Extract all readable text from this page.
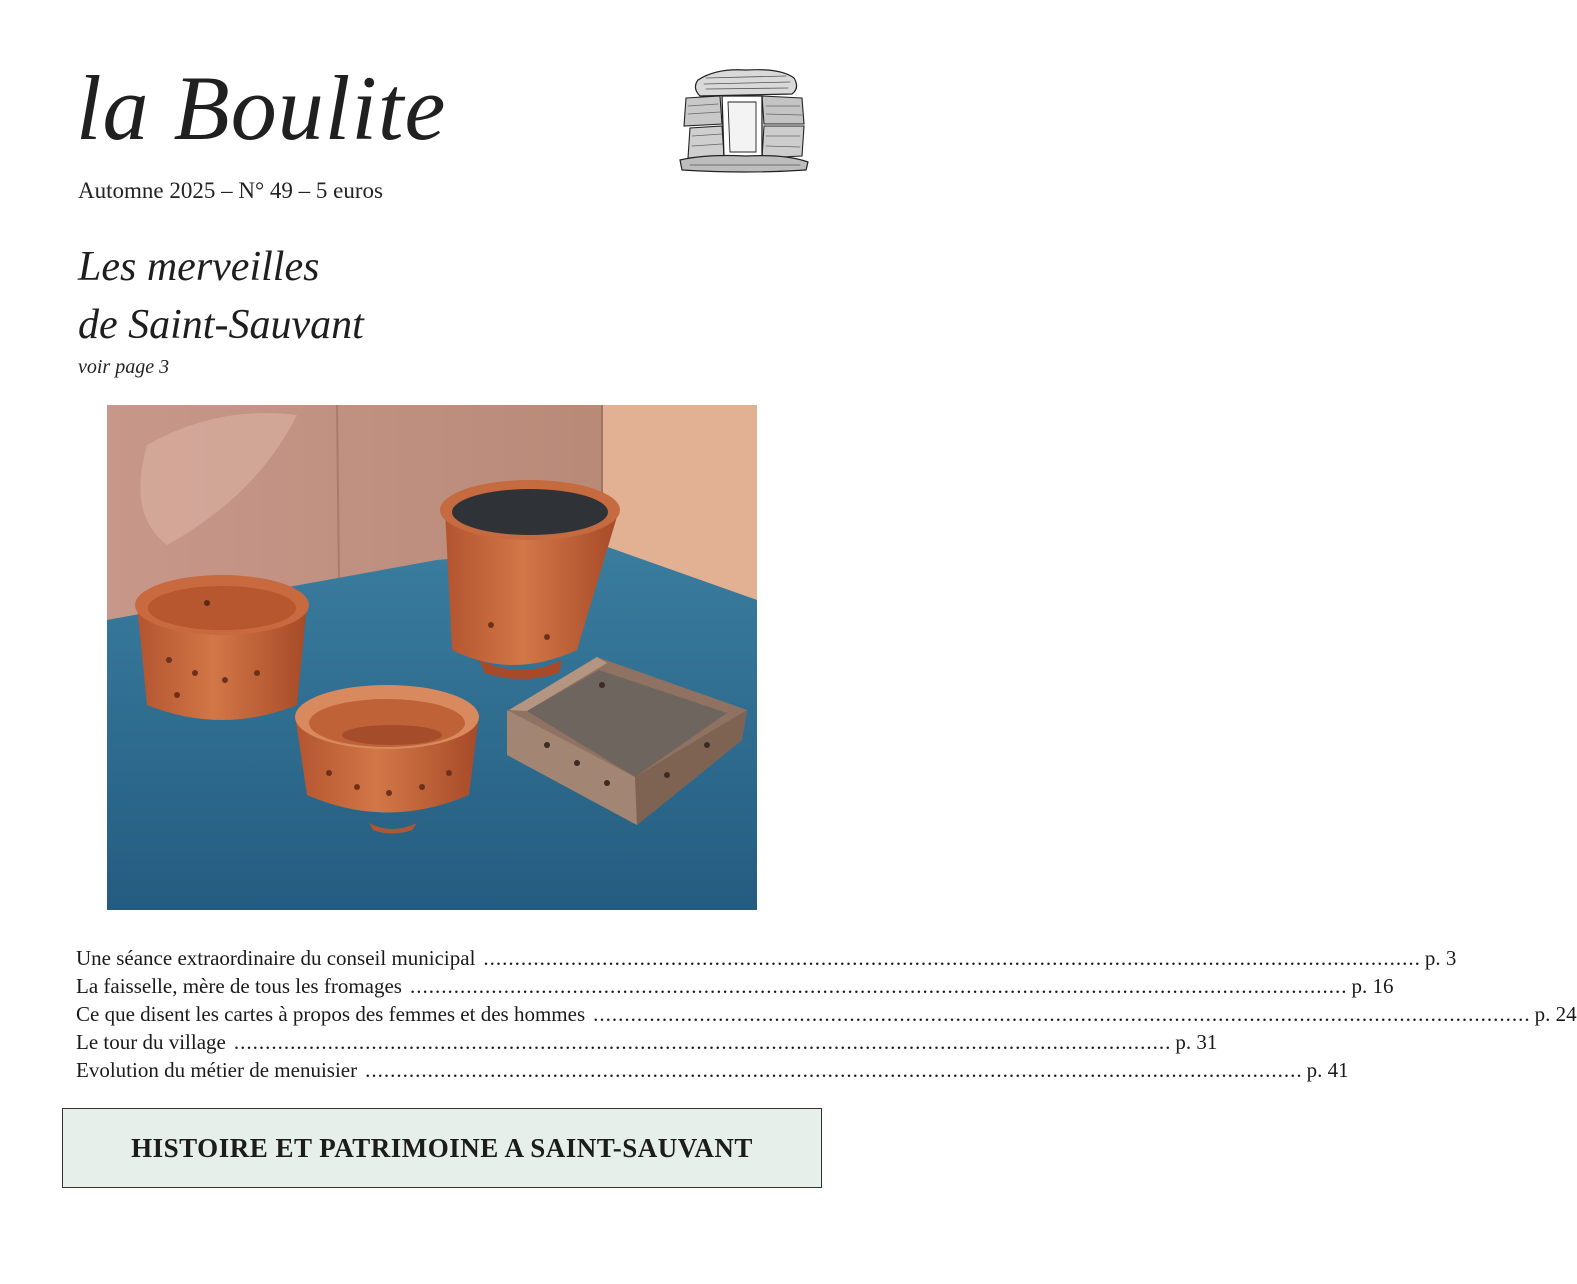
la Boulite
Automne 2025 – N° 49 – 5 euros
Les merveilles
de Saint-Sauvant
voir page 3
Une séance extraordinaire du conseil municipal ...................................................................................................................................................... p. 3
La faisselle, mère de tous les fromages ...................................................................................................................................................... p. 16
Ce que disent les cartes à propos des femmes et des hommes ...................................................................................................................................................... p. 24
Le tour du village ...................................................................................................................................................... p. 31
Evolution du métier de menuisier ...................................................................................................................................................... p. 41
HISTOIRE ET PATRIMOINE A SAINT-SAUVANT
